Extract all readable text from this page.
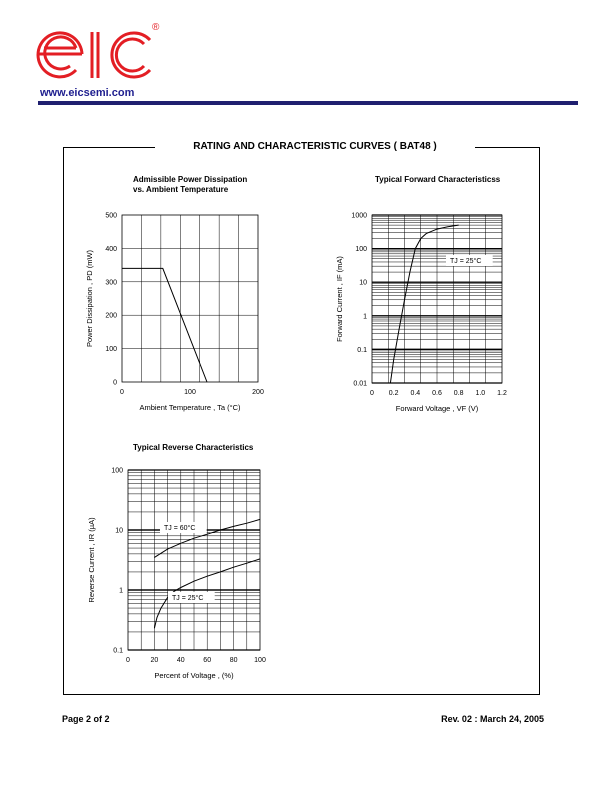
®
www.eicsemi.com
RATING AND CHARACTERISTIC CURVES ( BAT48 )
Admissible Power Dissipation
vs. Ambient Temperature
0	100	200
0
100
200
300
400
500
Ambient Temperature , Ta (°C)
Power Dissipation , PD (mW)
Typical Forward Characteristicss
0 0.2 0.4 0.6 0.8 1.0 1.2
0.01
0.1
1
10
100
1000
Forward Voltage , VF (V)
Forward Current , IF (mA)	TJ = 25°C
Typical Reverse Characteristics
0	20	40	60	80 100
0.1
1
10
100
Percent of Voltage , (%)
Reverse Current , IR (µA)	TJ = 60°C
TJ = 25°C
Page 2 of 2	Rev. 02 : March 24, 2005
